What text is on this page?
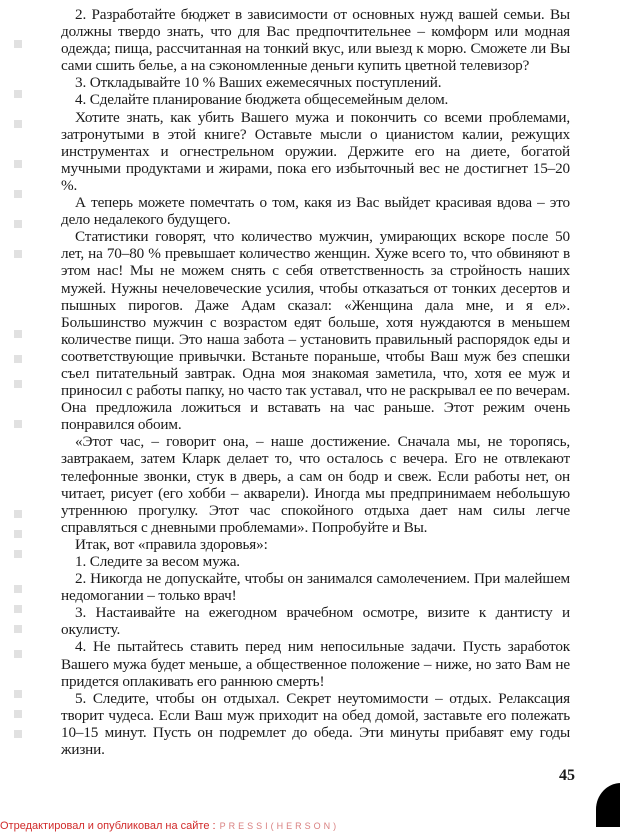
2. Разработайте бюджет в зависимости от основных нужд вашей семьи. Вы должны твердо знать, что для Вас предпочтительнее – комформ или модная одежда; пища, рассчитанная на тонкий вкус, или выезд к морю. Сможете ли Вы сами сшить белье, а на сэкономленные деньги купить цветной телевизор?

3. Откладывайте 10 % Ваших ежемесячных поступлений.

4. Сделайте планирование бюджета общесемейным делом.

Хотите знать, как убить Вашего мужа и покончить со всеми проблемами, затронутыми в этой книге? Оставьте мысли о цианистом калии, режущих инструментах и огнестрельном оружии. Держите его на диете, богатой мучными продуктами и жирами, пока его избыточный вес не достигнет 15–20 %.

А теперь можете помечтать о том, какя из Вас выйдет красивая вдова – это дело недалекого будущего.

Статистики говорят, что количество мужчин, умирающих вскоре после 50 лет, на 70–80 % превышает количество женщин. Хуже всего то, что обвиняют в этом нас! Мы не можем снять с себя ответственность за стройность наших мужей. Нужны нечеловеческие усилия, чтобы отказаться от тонких десертов и пышных пирогов. Даже Адам сказал: «Женщина дала мне, и я ел». Большинство мужчин с возрастом едят больше, хотя нуждаются в меньшем количестве пищи. Это наша забота – установить правильный распорядок еды и соответствующие привычки. Встаньте пораньше, чтобы Ваш муж без спешки съел питательный завтрак. Одна моя знакомая заметила, что, хотя ее муж и приносил с работы папку, но часто так уставал, что не раскрывал ее по вечерам. Она предложила ложиться и вставать на час раньше. Этот режим очень понравился обоим.

«Этот час, – говорит она, – наше достижение. Сначала мы, не торопясь, завтракаем, затем Кларк делает то, что осталось с вечера. Его не отвлекают телефонные звонки, стук в дверь, а сам он бодр и свеж. Если работы нет, он читает, рисует (его хобби – акварели). Иногда мы предпринимаем небольшую утреннюю прогулку. Этот час спокойного отдыха дает нам силы легче справляться с дневными проблемами». Попробуйте и Вы.

Итак, вот «правила здоровья»:

1. Следите за весом мужа.

2. Никогда не допускайте, чтобы он занимался самолечением. При малейшем недомогании – только врач!

3. Настаивайте на ежегодном врачебном осмотре, визите к дантисту и окулисту.

4. Не пытайтесь ставить перед ним непосильные задачи. Пусть заработок Вашего мужа будет меньше, а общественное положение – ниже, но зато Вам не придется оплакивать его раннюю смерть!

5. Следите, чтобы он отдыхал. Секрет неутомимости – отдых. Релаксация творит чудеса. Если Ваш муж приходит на обед домой, заставьте его полежать 10–15 минут. Пусть он подремлет до обеда. Эти минуты прибавят ему годы жизни.

45
Отредактировал и опубликовал на сайте : PRESSI(HERSON)
